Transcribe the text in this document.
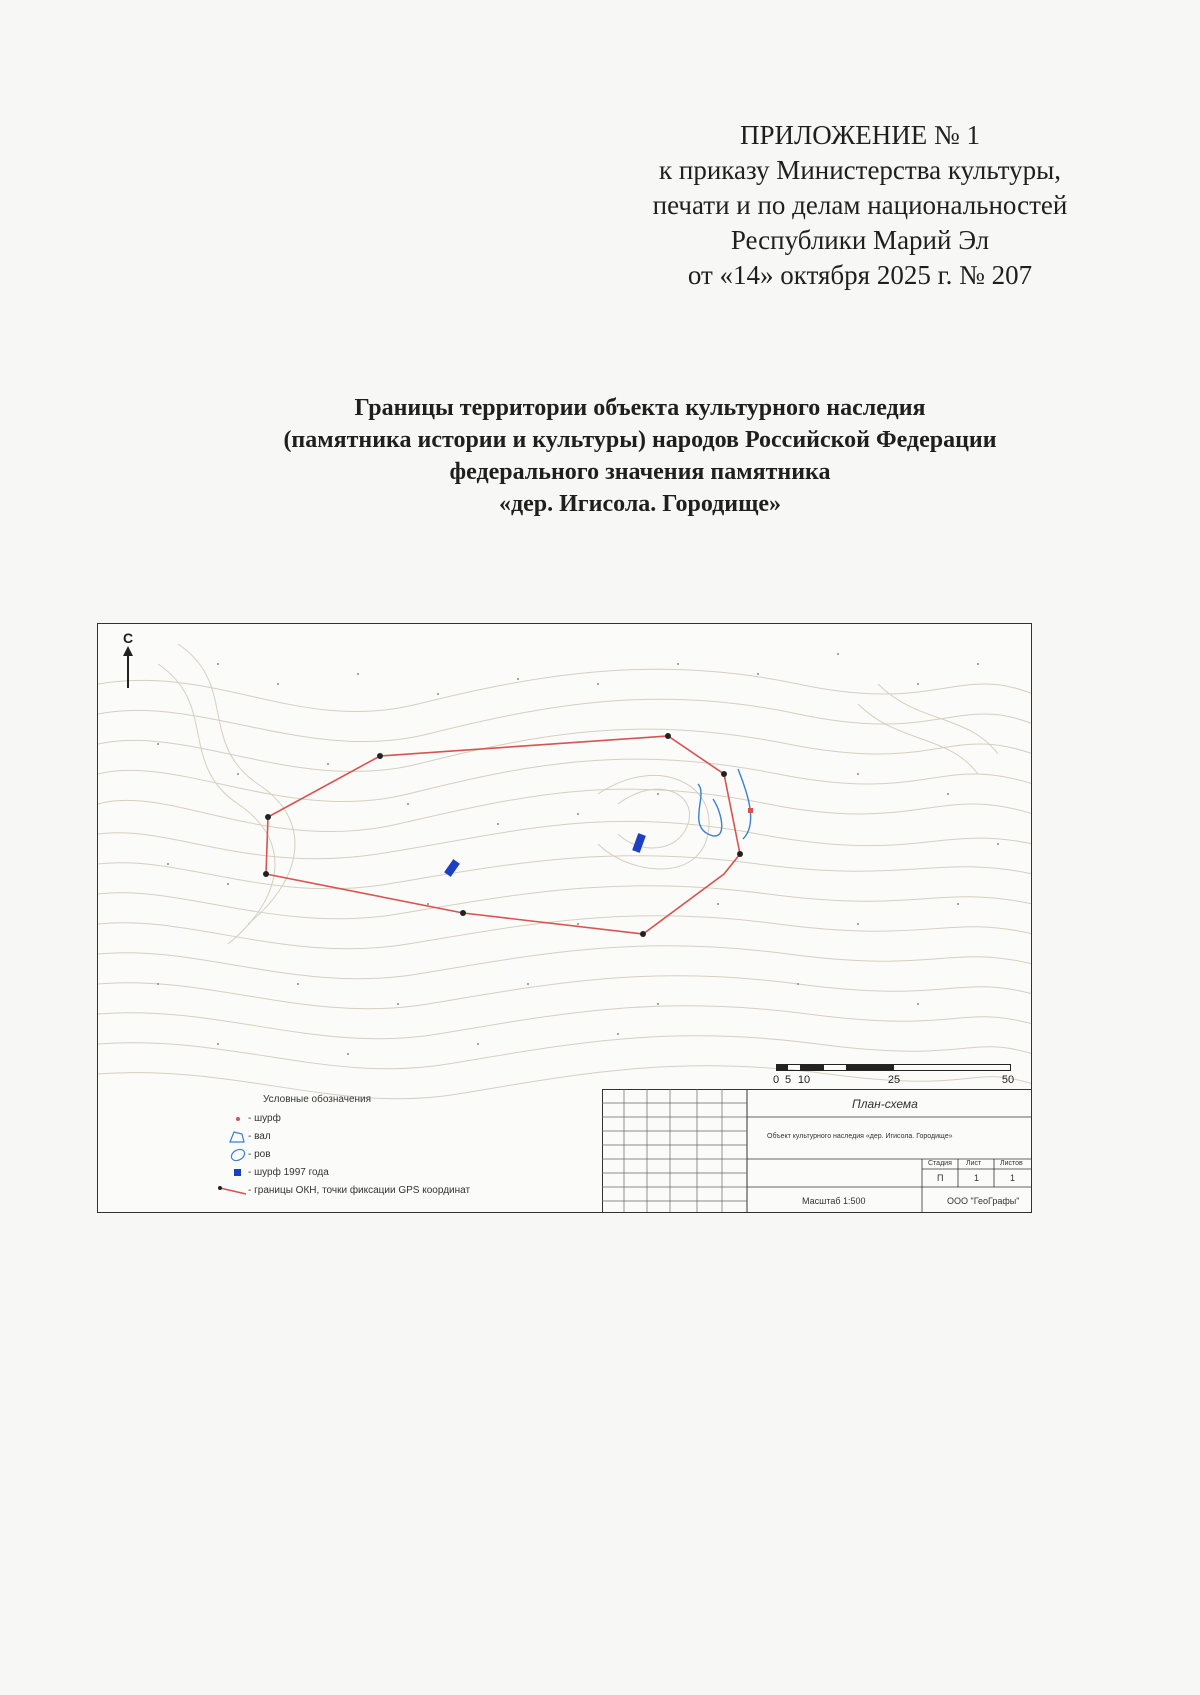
ПРИЛОЖЕНИЕ № 1
к приказу Министерства культуры,
печати и по делам национальностей
Республики Марий Эл
от «14» октября 2025 г. № 207
Границы территории объекта культурного наследия
(памятника истории и культуры) народов Российской Федерации
федерального значения памятника
«дер. Игисола. Городище»
С
0 5 10	25	50
Условные обозначения
- шурф
- вал
- ров
- шурф 1997 года
- границы ОКН, точки фиксации GPS координат
План-схема
Объект культурного наследия «дер. Игисола. Городище»
Стадия Лист	Листов
П	1	1
Масштаб 1:500	ООО "ГеоГрафы"
